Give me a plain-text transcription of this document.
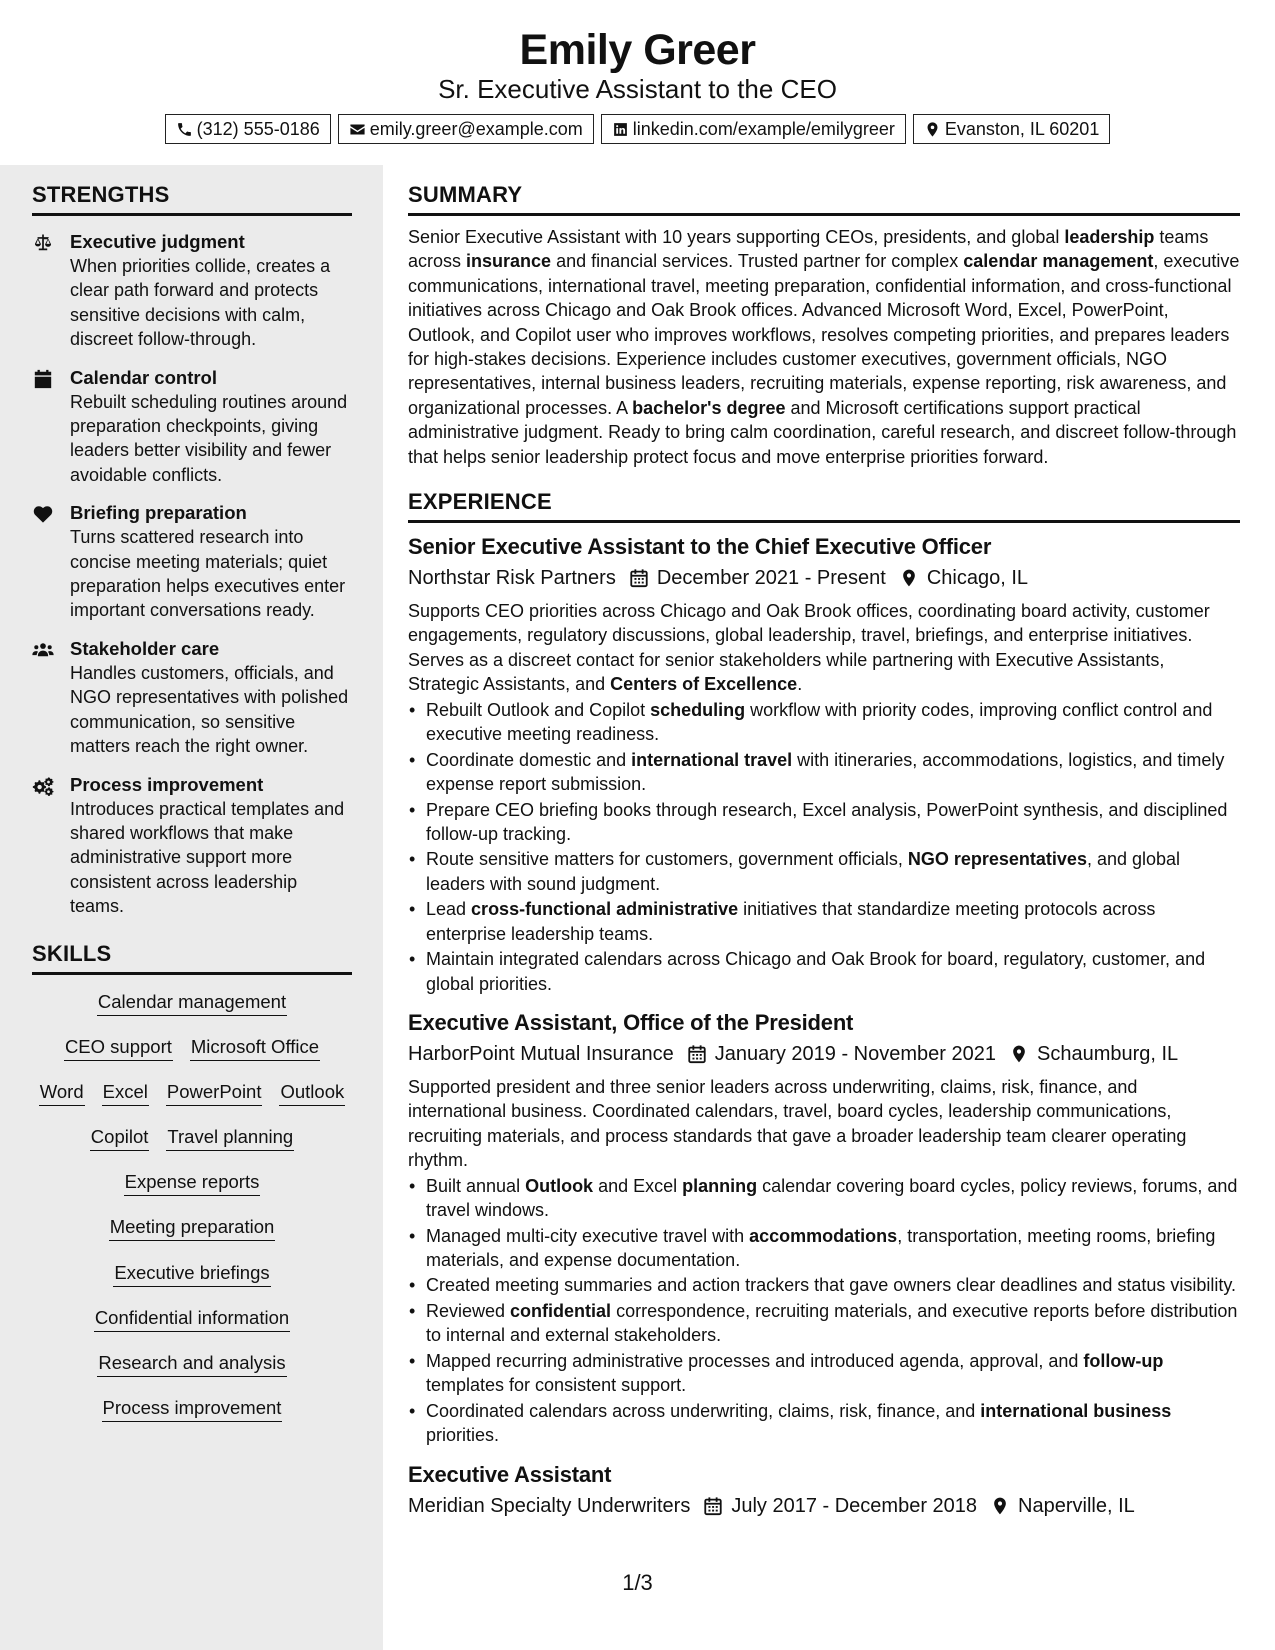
Emily Greer
Sr. Executive Assistant to the CEO
(312) 555-0186	emily.greer@example.com	linkedin.com/example/emilygreer	Evanston, IL 60201
STRENGTHS
Executive judgment
When priorities collide, creates a clear path forward and protects sensitive decisions with calm, discreet follow-through.
Calendar control
Rebuilt scheduling routines around preparation checkpoints, giving leaders better visibility and fewer avoidable conflicts.
Briefing preparation
Turns scattered research into concise meeting materials; quiet preparation helps executives enter important conversations ready.
Stakeholder care
Handles customers, officials, and NGO representatives with polished communication, so sensitive matters reach the right owner.
Process improvement
Introduces practical templates and shared workflows that make administrative support more consistent across leadership teams.
SKILLS
Calendar management
CEO support Microsoft Office
Word Excel PowerPoint Outlook
Copilot Travel planning
Expense reports
Meeting preparation
Executive briefings
Confidential information
Research and analysis
Process improvement
SUMMARY
Senior Executive Assistant with 10 years supporting CEOs, presidents, and global leadership teams across insurance and financial services. Trusted partner for complex calendar management, executive communications, international travel, meeting preparation, confidential information, and cross-functional initiatives across Chicago and Oak Brook offices. Advanced Microsoft Word, Excel, PowerPoint, Outlook, and Copilot user who improves workflows, resolves competing priorities, and prepares leaders for high-stakes decisions. Experience includes customer executives, government officials, NGO representatives, internal business leaders, recruiting materials, expense reporting, risk awareness, and organizational processes. A bachelor's degree and Microsoft certifications support practical administrative judgment. Ready to bring calm coordination, careful research, and discreet follow-through that helps senior leadership protect focus and move enterprise priorities forward.
EXPERIENCE
Senior Executive Assistant to the Chief Executive Officer
Northstar Risk Partners December 2021 - Present Chicago, IL
Supports CEO priorities across Chicago and Oak Brook offices, coordinating board activity, customer engagements, regulatory discussions, global leadership, travel, briefings, and enterprise initiatives. Serves as a discreet contact for senior stakeholders while partnering with Executive Assistants, Strategic Assistants, and Centers of Excellence.
• Rebuilt Outlook and Copilot scheduling workflow with priority codes, improving conflict control and executive meeting readiness.
• Coordinate domestic and international travel with itineraries, accommodations, logistics, and timely expense report submission.
• Prepare CEO briefing books through research, Excel analysis, PowerPoint synthesis, and disciplined follow-up tracking.
• Route sensitive matters for customers, government officials, NGO representatives, and global leaders with sound judgment.
• Lead cross-functional administrative initiatives that standardize meeting protocols across enterprise leadership teams.
• Maintain integrated calendars across Chicago and Oak Brook for board, regulatory, customer, and global priorities.
Executive Assistant, Office of the President
HarborPoint Mutual Insurance January 2019 - November 2021 Schaumburg, IL
Supported president and three senior leaders across underwriting, claims, risk, finance, and international business. Coordinated calendars, travel, board cycles, leadership communications, recruiting materials, and process standards that gave a broader leadership team clearer operating rhythm.
• Built annual Outlook and Excel planning calendar covering board cycles, policy reviews, forums, and travel windows.
• Managed multi-city executive travel with accommodations, transportation, meeting rooms, briefing materials, and expense documentation.
• Created meeting summaries and action trackers that gave owners clear deadlines and status visibility.
• Reviewed confidential correspondence, recruiting materials, and executive reports before distribution to internal and external stakeholders.
• Mapped recurring administrative processes and introduced agenda, approval, and follow-up templates for consistent support.
• Coordinated calendars across underwriting, claims, risk, finance, and international business priorities.
Executive Assistant
Meridian Specialty Underwriters July 2017 - December 2018 Naperville, IL
1/3
